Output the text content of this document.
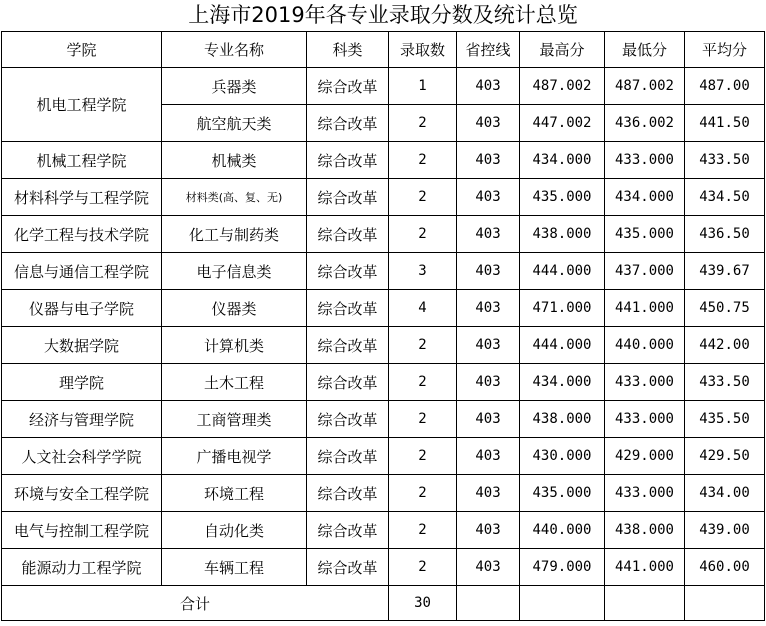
上海市2019年各专业录取分数及统计总览
学院	专业名称	科类	录取数	省控线	最高分	最低分	平均分
机电工程学院	兵器类	综合改革	1	403	487.002	487.002	487.00
	航空航天类	综合改革	2	403	447.002	436.002	441.50
机械工程学院	机械类	综合改革	2	403	434.000	433.000	433.50
材料科学与工程学院	材料类(高、复、无)	综合改革	2	403	435.000	434.000	434.50
化学工程与技术学院	化工与制药类	综合改革	2	403	438.000	435.000	436.50
信息与通信工程学院	电子信息类	综合改革	3	403	444.000	437.000	439.67
仪器与电子学院	仪器类	综合改革	4	403	471.000	441.000	450.75
大数据学院	计算机类	综合改革	2	403	444.000	440.000	442.00
理学院	土木工程	综合改革	2	403	434.000	433.000	433.50
经济与管理学院	工商管理类	综合改革	2	403	438.000	433.000	435.50
人文社会科学学院	广播电视学	综合改革	2	403	430.000	429.000	429.50
环境与安全工程学院	环境工程	综合改革	2	403	435.000	433.000	434.00
电气与控制工程学院	自动化类	综合改革	2	403	440.000	438.000	439.00
能源动力工程学院	车辆工程	综合改革	2	403	479.000	441.000	460.00
合计			30				
